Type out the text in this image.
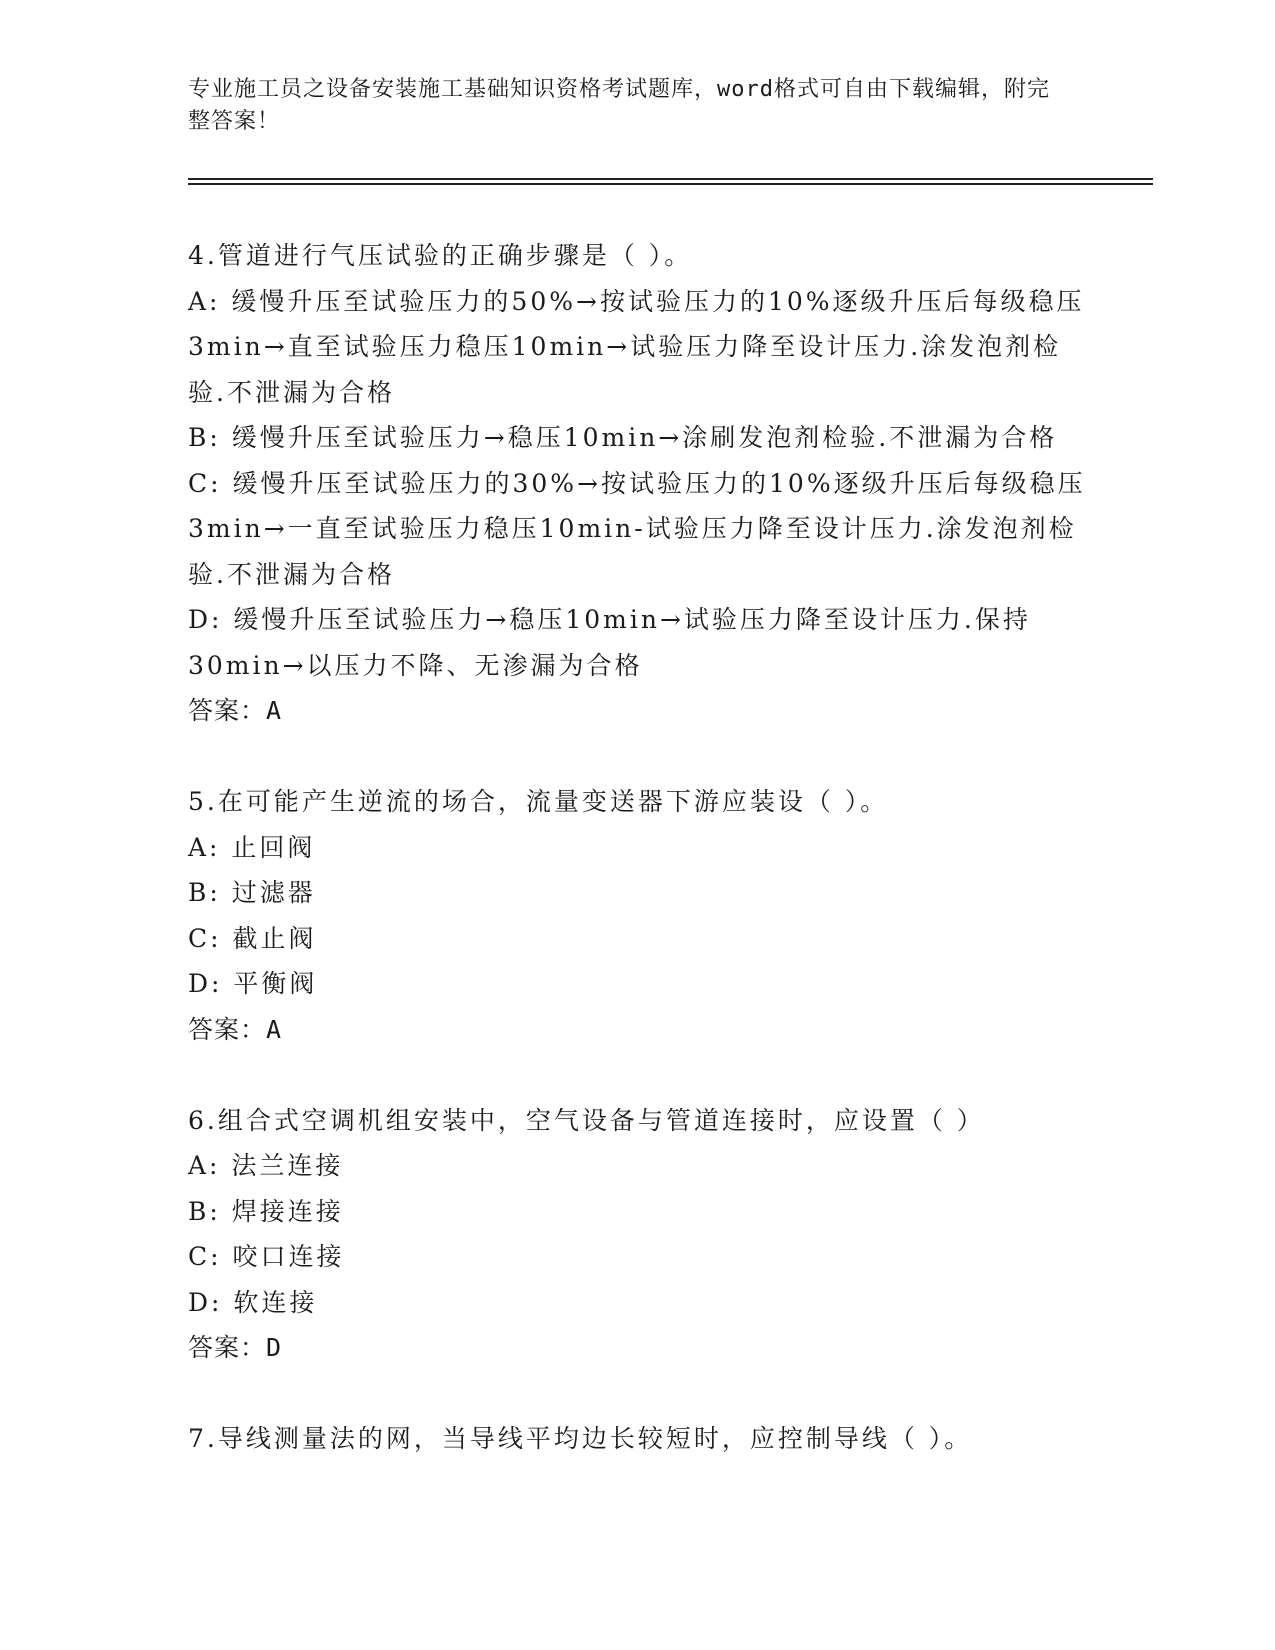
专业施工员之设备安装施工基础知识资格考试题库，word格式可自由下载编辑，附完整答案！
4.管道进行气压试验的正确步骤是（ ）。
A: 缓慢升压至试验压力的50%→按试验压力的10%逐级升压后每级稳压3min→直至试验压力稳压10min→试验压力降至设计压力.涂发泡剂检验.不泄漏为合格
B: 缓慢升压至试验压力→稳压10min→涂刷发泡剂检验.不泄漏为合格
C: 缓慢升压至试验压力的30%→按试验压力的10%逐级升压后每级稳压3min→一直至试验压力稳压10min-试验压力降至设计压力.涂发泡剂检验.不泄漏为合格
D: 缓慢升压至试验压力→稳压10min→试验压力降至设计压力.保持30min→以压力不降、无渗漏为合格
答案：A
5.在可能产生逆流的场合，流量变送器下游应装设（ ）。
A: 止回阀
B: 过滤器
C: 截止阀
D: 平衡阀
答案：A
6.组合式空调机组安装中，空气设备与管道连接时，应设置（ ）
A: 法兰连接
B: 焊接连接
C: 咬口连接
D: 软连接
答案：D
7.导线测量法的网，当导线平均边长较短时，应控制导线（ ）。
